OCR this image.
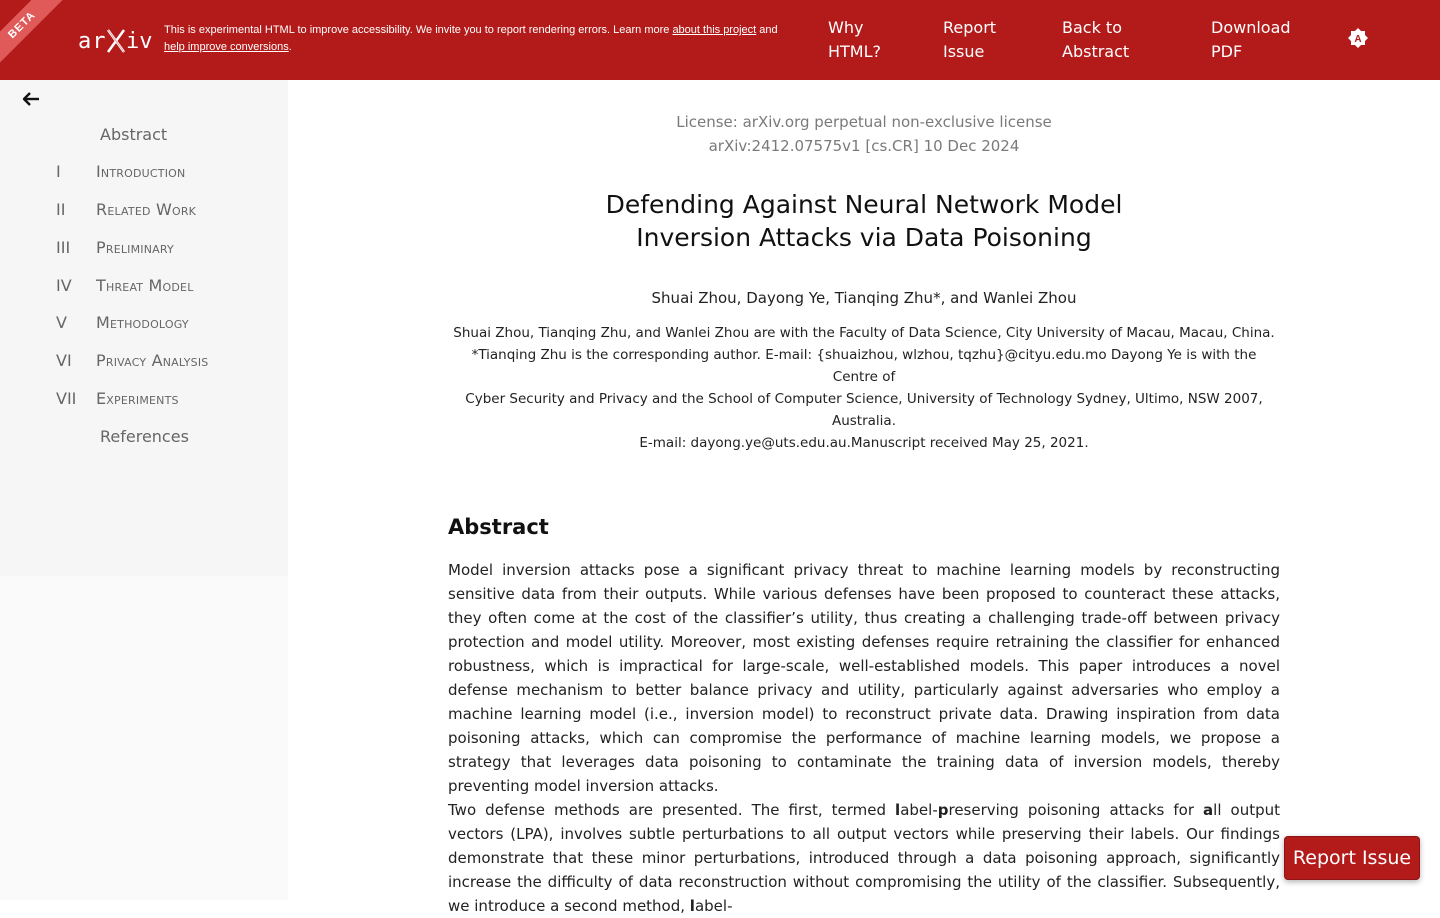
BETA
ar iv This is experimental HTML to improve accessibility. We invite you to report rendering errors. Learn more about this project and
help improve conversions.
Why
HTML?
Report
Issue
Back to
Abstract
Download
PDF
A
Abstract
I Introduction
II Related Work
III Preliminary
IV Threat Model
V Methodology
VI Privacy Analysis
VII Experiments
References
License: arXiv.org perpetual non-exclusive license
arXiv:2412.07575v1 [cs.CR] 10 Dec 2024
Defending Against Neural Network Model
Inversion Attacks via Data Poisoning
Shuai Zhou, Dayong Ye, Tianqing Zhu*, and Wanlei Zhou
Shuai Zhou, Tianqing Zhu, and Wanlei Zhou are with the Faculty of Data Science, City University of Macau, Macau, China.
*Tianqing Zhu is the corresponding author. E-mail: {shuaizhou, wlzhou, tqzhu}@cityu.edu.mo Dayong Ye is with the Centre of
Cyber Security and Privacy and the School of Computer Science, University of Technology Sydney, Ultimo, NSW 2007, Australia.
E-mail: dayong.ye@uts.edu.au.Manuscript received May 25, 2021.
Abstract

Model inversion attacks pose a significant privacy threat to machine learning models by reconstructing sensitive data from their outputs. While various defenses have been proposed to counteract these attacks, they often come at the cost of the classifier’s utility, thus creating a challenging trade-off between privacy protection and model utility. Moreover, most existing defenses require retraining the classifier for enhanced robustness, which is impractical for large-scale, well-established models. This paper introduces a novel defense mechanism to better balance privacy and utility, particularly against adversaries who employ a machine learning model (i.e., inversion model) to reconstruct private data. Drawing inspiration from data poisoning attacks, which can compromise the performance of machine learning models, we propose a strategy that leverages data poisoning to contaminate the training data of inversion models, thereby preventing model inversion attacks.

Two defense methods are presented. The first, termed label-preserving poisoning attacks for all output vectors (LPA), involves subtle perturbations to all output vectors while preserving their labels. Our findings demonstrate that these minor perturbations, introduced through a data poisoning approach, significantly increase the difficulty of data reconstruction without compromising the utility of the classifier. Subsequently, we introduce a second method, label-

Report Issue
